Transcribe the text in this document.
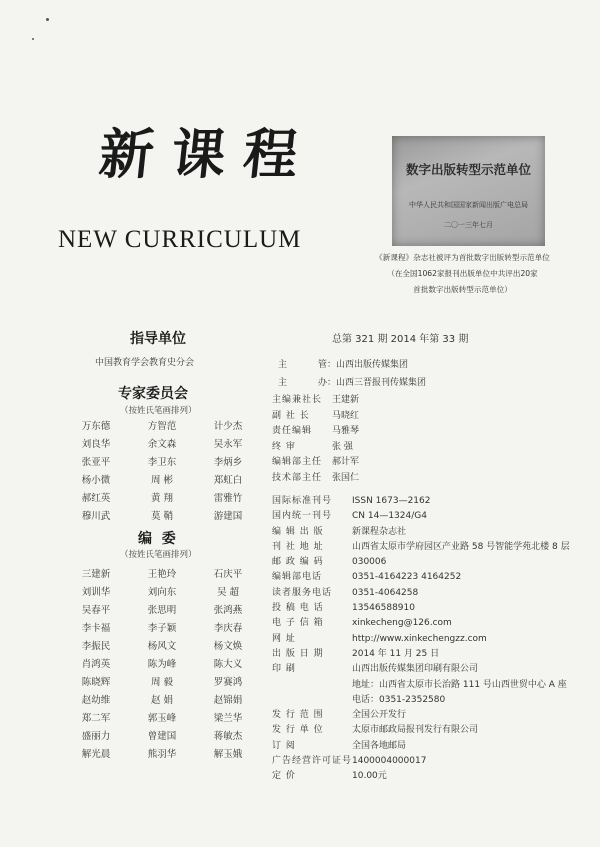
新课程
NEW CURRICULUM
数字出版转型示范单位
中华人民共和国国家新闻出版广电总局
二〇一三年七月
《新课程》杂志社被评为首批数字出版转型示范单位
（在全国1062家报刊出版单位中共评出20家
首批数字出版转型示范单位）
指导单位
中国教育学会教育史分会
专家委员会
（按姓氏笔画排列）
万东德	方智范	计少杰
刘良华	余文森	吴永军
张亚平	李卫东	李炳乡
杨小微	周 彬	郑虹白
郝红英	黄 翔	雷雅竹
穆川武	莫 鞘	游建国
编  委
（按姓氏笔画排列）
三建新	王艳玲	石庆平
刘训华	刘向东	吴 超
吴春平	张思明	张鸿燕
李卡福	李子颖	李庆春
李振民	杨风文	杨文焕
肖鸿英	陈为峰	陈大义
陈晓辉	周 毅	罗赛鸿
赵幼维	赵 娟	赵锦娟
郑二军	郭玉峰	梁兰华
盛丽力	曾建国	蒋敏杰
解光晨	熊羽华	解玉娥
总第 321 期 2014 年第 33 期
主	管：山西出版传媒集团
主	办：山西三晋报刊传媒集团
主编兼社长 王建新
副 社 长 马晓红
责任编辑 马雅琴
终 审	张 强
编辑部主任 郝计军
技术部主任 张国仁
国际标准刊号 ISSN 1673—2162
国内统一刊号 CN 14—1324/G4
编 辑 出 版	新课程杂志社
刊 社 地 址	山西省太原市学府园区产业路 58 号智能学苑北楼 8 层
邮 政 编 码	030006
编辑部电话	0351-4164223 4164252
读者服务电话 0351-4064258
投 稿 电 话	13546588910
电 子 信 箱	xinkecheng@126.com
网 址	http://www.xinkechengzz.com
出 版 日 期	2014 年 11 月 25 日
印 刷	山西出版传媒集团印刷有限公司
地址：山西省太原市长治路 111 号山西世贸中心 A 座
电话：0351-2352580
发 行 范 围	全国公开发行
发 行 单 位	太原市邮政局报刊发行有限公司
订 阅	全国各地邮局
广告经营许可证号1400004000017
定 价	10.00元
